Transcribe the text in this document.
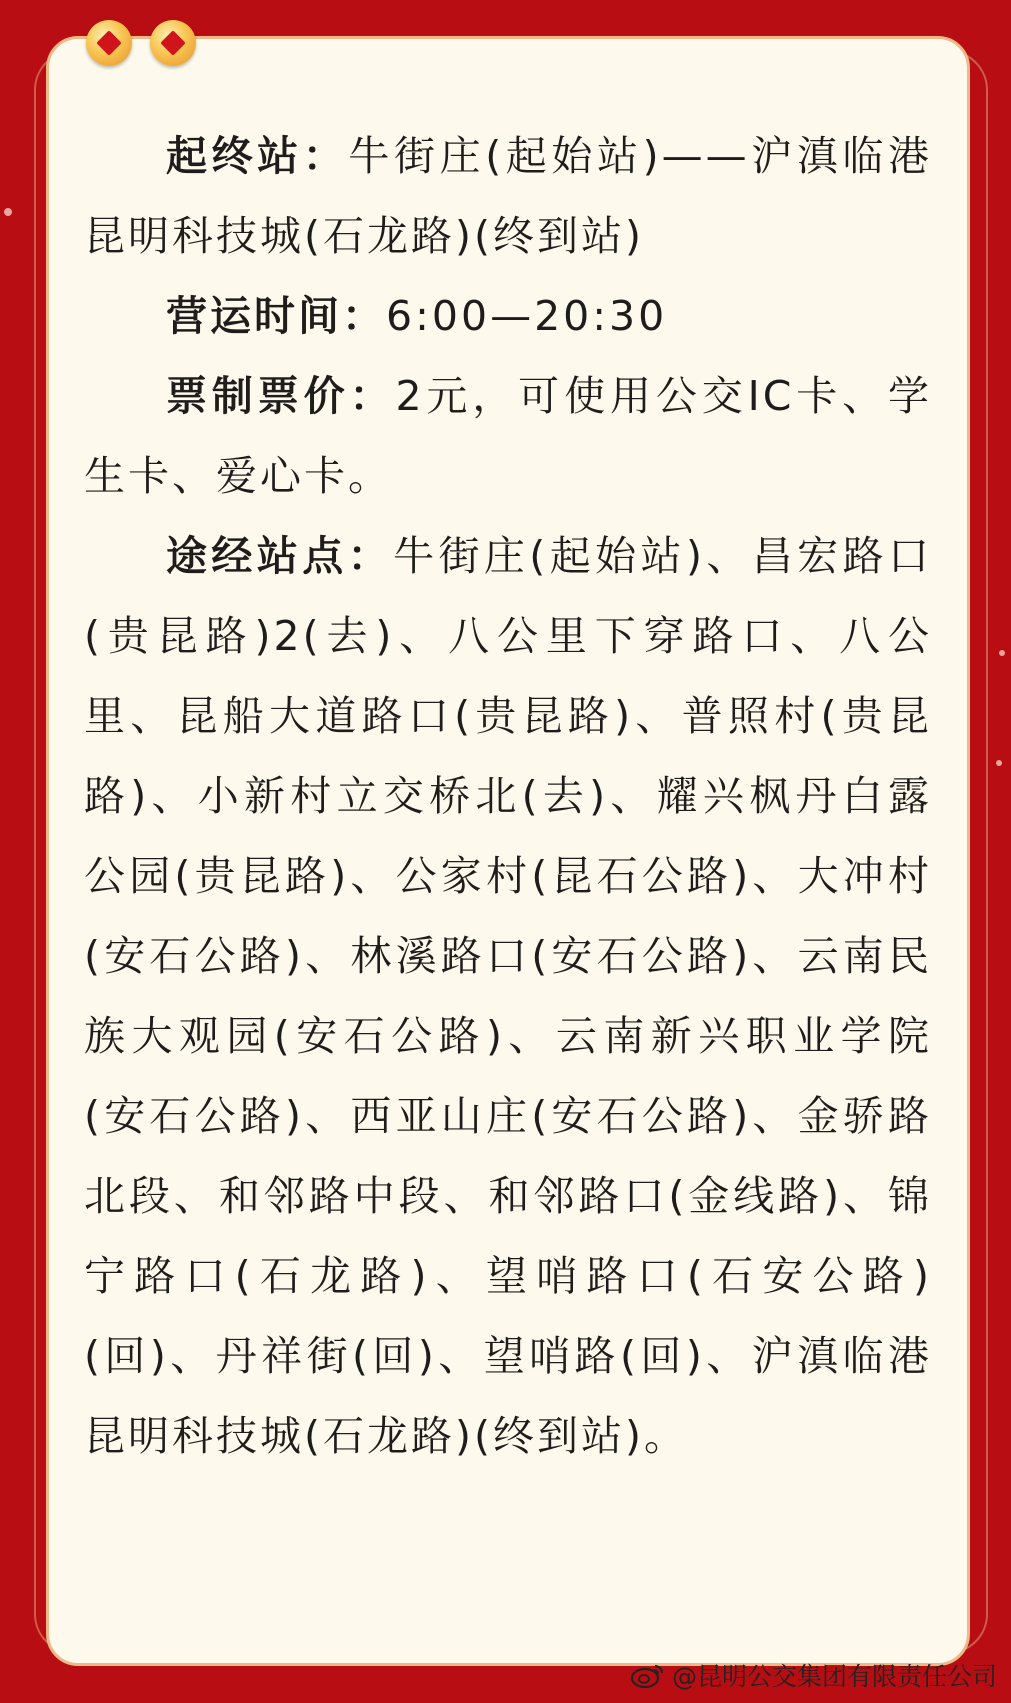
起终站：牛街庄(起始站)——沪滇临港昆明科技城(石龙路)(终到站)

营运时间：6:00—20:30

票制票价：2元，可使用公交IC卡、学生卡、爱心卡。

途经站点：牛街庄(起始站)、昌宏路口(贵昆路)2(去)、八公里下穿路口、八公里、昆船大道路口(贵昆路)、普照村(贵昆路)、小新村立交桥北(去)、耀兴枫丹白露公园(贵昆路)、公家村(昆石公路)、大冲村(安石公路)、林溪路口(安石公路)、云南民族大观园(安石公路)、云南新兴职业学院(安石公路)、西亚山庄(安石公路)、金骄路北段、和邻路中段、和邻路口(金线路)、锦宁路口(石龙路)、望哨路口(石安公路)(回)、丹祥街(回)、望哨路(回)、沪滇临港昆明科技城(石龙路)(终到站)。

@昆明公交集团有限责任公司
